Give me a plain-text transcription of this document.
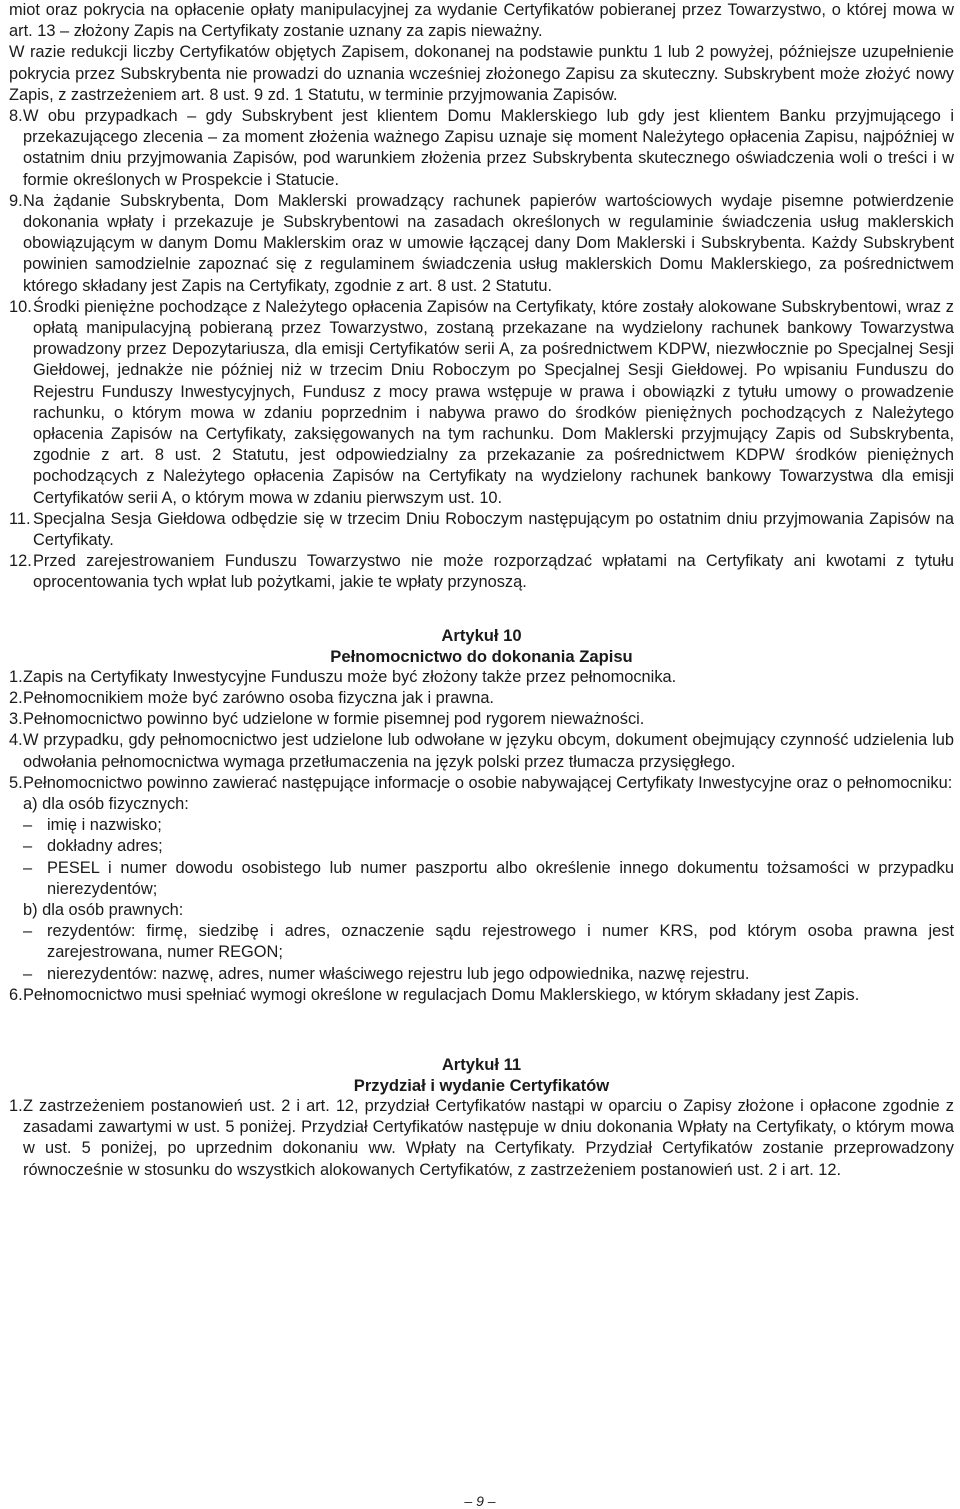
miot oraz pokrycia na opłacenie opłaty manipulacyjnej za wydanie Certyfikatów pobieranej przez Towarzystwo, o której mowa w art. 13 – złożony Zapis na Certyfikaty zostanie uznany za zapis nieważny.

W razie redukcji liczby Certyfikatów objętych Zapisem, dokonanej na podstawie punktu 1 lub 2 powyżej, późniejsze uzupełnienie pokrycia przez Subskrybenta nie prowadzi do uznania wcześniej złożonego Zapisu za skuteczny. Subskrybent może złożyć nowy Zapis, z zastrzeżeniem art. 8 ust. 9 zd. 1 Statutu, w terminie przyjmowania Zapisów.

8. W obu przypadkach – gdy Subskrybent jest klientem Domu Maklerskiego lub gdy jest klientem Banku przyjmującego i przekazującego zlecenia – za moment złożenia ważnego Zapisu uznaje się moment Należytego opłacenia Zapisu, najpóźniej w ostatnim dniu przyjmowania Zapisów, pod warunkiem złożenia przez Subskrybenta skutecznego oświadczenia woli o treści i w formie określonych w Prospekcie i Statucie.
9. Na żądanie Subskrybenta, Dom Maklerski prowadzący rachunek papierów wartościowych wydaje pisemne potwierdzenie dokonania wpłaty i przekazuje je Subskrybentowi na zasadach określonych w regulaminie świadczenia usług maklerskich obowiązującym w danym Domu Maklerskim oraz w umowie łączącej dany Dom Maklerski i Subskrybenta. Każdy Subskrybent powinien samodzielnie zapoznać się z regulaminem świadczenia usług maklerskich Domu Maklerskiego, za pośrednictwem którego składany jest Zapis na Certyfikaty, zgodnie z art. 8 ust. 2 Statutu.
10. Środki pieniężne pochodzące z Należytego opłacenia Zapisów na Certyfikaty, które zostały alokowane Subskrybentowi, wraz z opłatą manipulacyjną pobieraną przez Towarzystwo, zostaną przekazane na wydzielony rachunek bankowy Towarzystwa prowadzony przez Depozytariusza, dla emisji Certyfikatów serii A, za pośrednictwem KDPW, niezwłocznie po Specjalnej Sesji Giełdowej, jednakże nie później niż w trzecim Dniu Roboczym po Specjalnej Sesji Giełdowej. Po wpisaniu Funduszu do Rejestru Funduszy Inwestycyjnych, Fundusz z mocy prawa wstępuje w prawa i obowiązki z tytułu umowy o prowadzenie rachunku, o którym mowa w zdaniu poprzednim i nabywa prawo do środków pieniężnych pochodzących z Należytego opłacenia Zapisów na Certyfikaty, zaksięgowanych na tym rachunku. Dom Maklerski przyjmujący Zapis od Subskrybenta, zgodnie z art. 8 ust. 2 Statutu, jest odpowiedzialny za przekazanie za pośrednictwem KDPW środków pieniężnych pochodzących z Należytego opłacenia Zapisów na Certyfikaty na wydzielony rachunek bankowy Towarzystwa dla emisji Certyfikatów serii A, o którym mowa w zdaniu pierwszym ust. 10.
11. Specjalna Sesja Giełdowa odbędzie się w trzecim Dniu Roboczym następującym po ostatnim dniu przyjmowania Zapisów na Certyfikaty.
12. Przed zarejestrowaniem Funduszu Towarzystwo nie może rozporządzać wpłatami na Certyfikaty ani kwotami z tytułu oprocentowania tych wpłat lub pożytkami, jakie te wpłaty przynoszą.

Artykuł 10

Pełnomocnictwo do dokonania Zapisu

1. Zapis na Certyfikaty Inwestycyjne Funduszu może być złożony także przez pełnomocnika.
2. Pełnomocnikiem może być zarówno osoba fizyczna jak i prawna.
3. Pełnomocnictwo powinno być udzielone w formie pisemnej pod rygorem nieważności.
4. W przypadku, gdy pełnomocnictwo jest udzielone lub odwołane w języku obcym, dokument obejmujący czynność udzielenia lub odwołania pełnomocnictwa wymaga przetłumaczenia na język polski przez tłumacza przysięgłego.
5. Pełnomocnictwo powinno zawierać następujące informacje o osobie nabywającej Certyfikaty Inwestycyjne oraz o pełnomocniku:

a) dla osób fizycznych:

– imię i nazwisko;
– dokładny adres;
– PESEL i numer dowodu osobistego lub numer paszportu albo określenie innego dokumentu tożsamości w przypadku nierezydentów;

b) dla osób prawnych:

– rezydentów: firmę, siedzibę i adres, oznaczenie sądu rejestrowego i numer KRS, pod którym osoba prawna jest zarejestrowana, numer REGON;
– nierezydentów: nazwę, adres, numer właściwego rejestru lub jego odpowiednika, nazwę rejestru.
6. Pełnomocnictwo musi spełniać wymogi określone w regulacjach Domu Maklerskiego, w którym składany jest Zapis.

Artykuł 11

Przydział i wydanie Certyfikatów

1. Z zastrzeżeniem postanowień ust. 2 i art. 12, przydział Certyfikatów nastąpi w oparciu o Zapisy złożone i opłacone zgodnie z zasadami zawartymi w ust. 5 poniżej. Przydział Certyfikatów następuje w dniu dokonania Wpłaty na Certyfikaty, o którym mowa w ust. 5 poniżej, po uprzednim dokonaniu ww. Wpłaty na Certyfikaty. Przydział Certyfikatów zostanie przeprowadzony równocześnie w stosunku do wszystkich alokowanych Certyfikatów, z zastrzeżeniem postanowień ust. 2 i art. 12.
– 9 –
